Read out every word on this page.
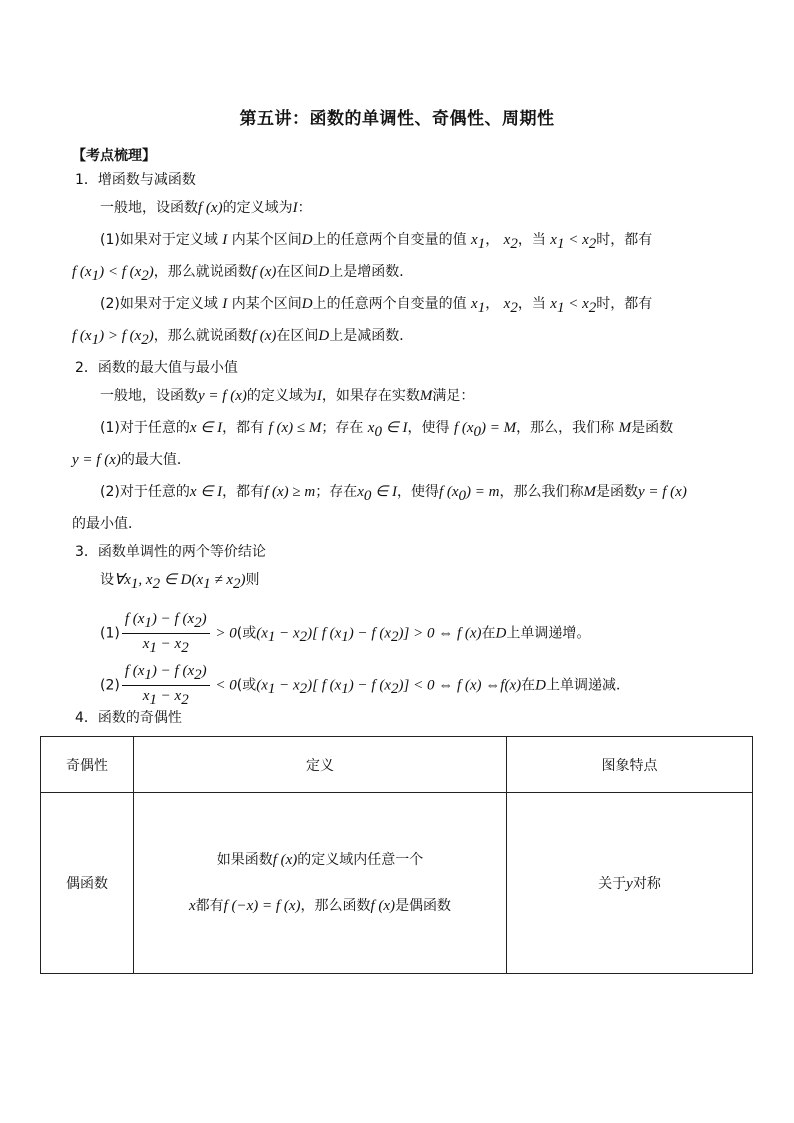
第五讲：函数的单调性、奇偶性、周期性
【考点梳理】
1．增函数与减函数
一般地，设函数f (x)的定义域为I：
(1)如果对于定义域 I 内某个区间D上的任意两个自变量的值 $x_1$， $x_2$，当 $x_1 < x_2$时，都有
f $(x_1) < f$ $(x_2)$，那么就说函数f (x)在区间D上是增函数．
(2)如果对于定义域 I 内某个区间D上的任意两个自变量的值 $x_1$， $x_2$，当 $x_1 < x_2$时，都有
f $(x_1) > f$ $(x_2)$，那么就说函数f (x)在区间D上是减函数．
2．函数的最大值与最小值
一般地，设函数y = f (x)的定义域为I，如果存在实数M满足：
(1)对于任意的x ∈ I，都有 f (x) ≤ M；存在 $x_0$ ∈ I，使得 f $(x_0) = M$，那么，我们称 M是函数
y = f (x)的最大值．
(2)对于任意的x ∈ I，都有f (x) ≥ m；存在$x_0$ ∈ I，使得f $(x_0) = m$，那么我们称M是函数y = f (x)
的最小值．
3．函数单调性的两个等价结论
设$\forall x_1$, $x_2$ ∈ $D(x_1 \ne x_2)$则
$(1) \frac{f (x_1) - f (x_2)}{x_1 - x_2} > 0$(或$(x_1 - x_2)$[ f $(x_1) - f$ $(x_2)] > 0$ ⇔ f (x)在D上单调递增。
$(2) \frac{f (x_1) - f (x_2)}{x_1 - x_2} < 0$(或$(x_1 - x_2)$[ f $(x_1) - f$ $(x_2)] < 0$ ⇔ f (x) ⇔f(x)在D上单调递减．
4．函数的奇偶性
奇偶性	定义	图象特点
偶函数	如果函数f (x)的定义域内任意一个
x都有f (−x) = f (x)，那么函数f (x)是偶函数	关于y对称
